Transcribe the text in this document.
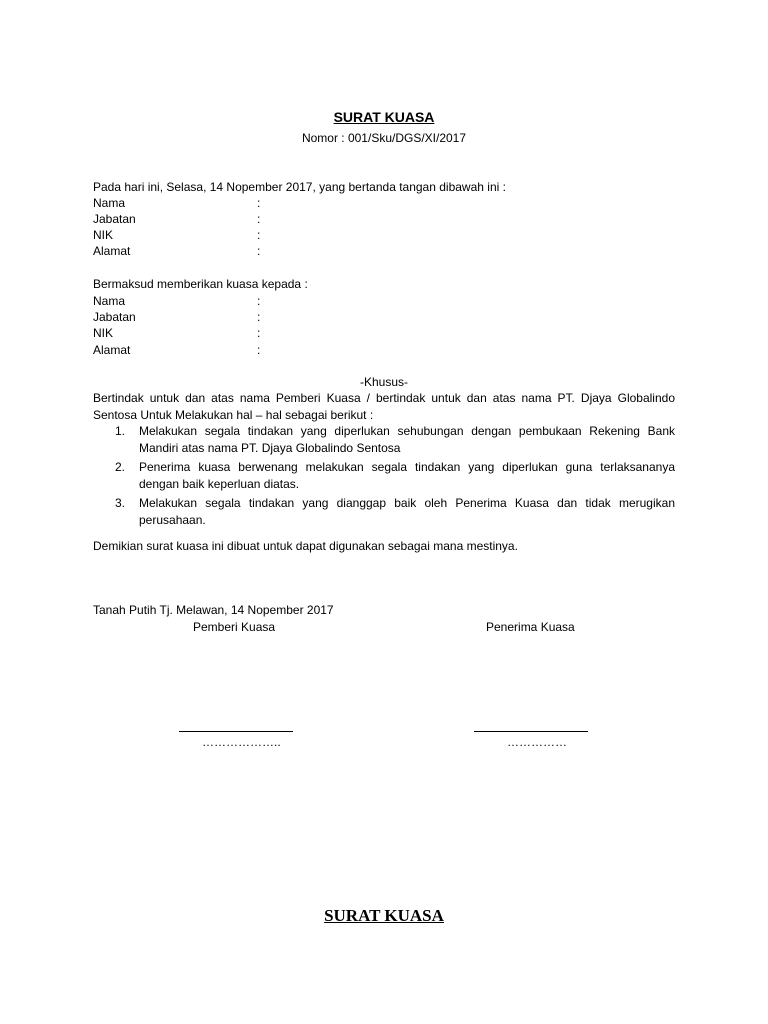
SURAT KUASA
Nomor : 001/Sku/DGS/XI/2017
Pada hari ini, Selasa, 14 Nopember 2017, yang bertanda tangan dibawah ini :
Nama	:
Jabatan	:
NIK	:
Alamat	:
Bermaksud memberikan kuasa kepada :
Nama	:
Jabatan	:
NIK	:
Alamat	:
-Khusus-
Bertindak untuk dan atas nama Pemberi Kuasa / bertindak untuk dan atas nama PT. Djaya Globalindo Sentosa Untuk Melakukan hal – hal sebagai berikut :
1. Melakukan segala tindakan yang diperlukan sehubungan dengan pembukaan Rekening Bank Mandiri atas nama PT. Djaya Globalindo Sentosa
2. Penerima kuasa berwenang melakukan segala tindakan yang diperlukan guna terlaksananya dengan baik keperluan diatas.
3. Melakukan segala tindakan yang dianggap baik oleh Penerima Kuasa dan tidak merugikan perusahaan.
Demikian surat kuasa ini dibuat untuk dapat digunakan sebagai mana mestinya.
Tanah Putih Tj. Melawan, 14 Nopember 2017
Pemberi Kuasa	Penerima Kuasa
………………..	……………
SURAT KUASA
